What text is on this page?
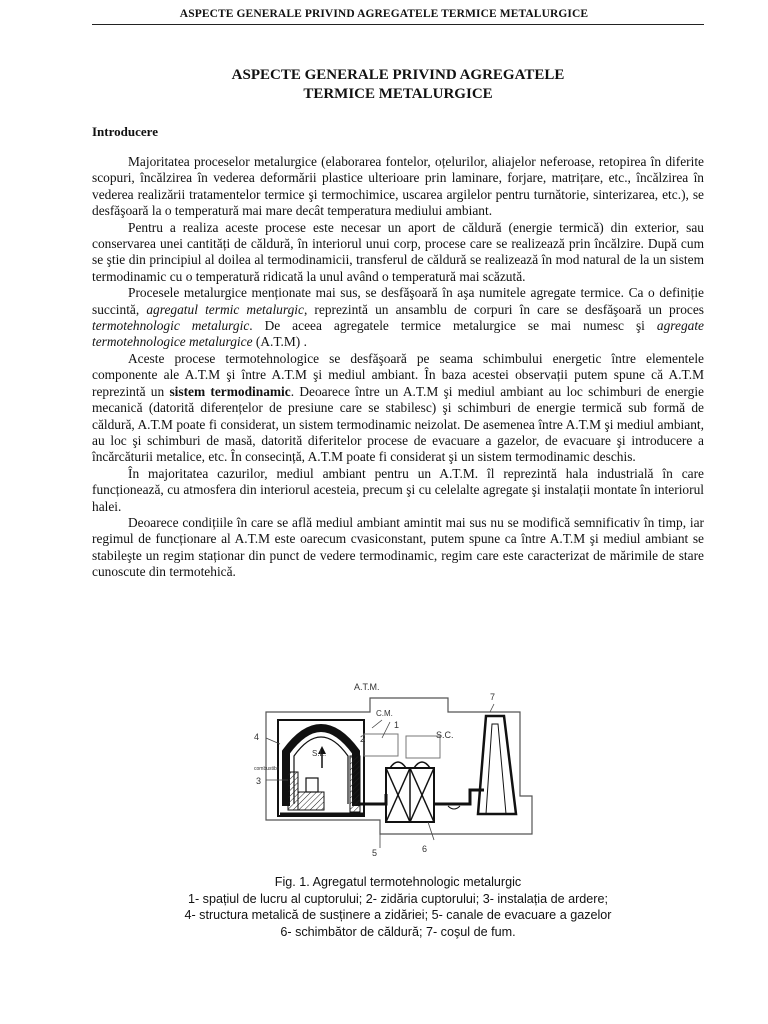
ASPECTE GENERALE PRIVIND AGREGATELE TERMICE METALURGICE
ASPECTE GENERALE PRIVIND AGREGATELE
TERMICE METALURGICE
Introducere

Majoritatea proceselor metalurgice (elaborarea fontelor, oțelurilor, aliajelor neferoase, retopirea în diferite scopuri, încălzirea în vederea deformării plastice ulterioare prin laminare, forjare, matrițare, etc., încălzirea în vederea realizării tratamentelor termice şi termochimice, uscarea argilelor pentru turnătorie, sinterizarea, etc.), se desfăşoară la o temperatură mai mare decât temperatura mediului ambiant.

Pentru a realiza aceste procese este necesar un aport de căldură (energie termică) din exterior, sau conservarea unei cantități de căldură, în interiorul unui corp, procese care se realizează prin încălzire. După cum se ştie din principiul al doilea al termodinamicii, transferul de căldură se realizează în mod natural de la un sistem termodinamic cu o temperatură ridicată la unul având o temperatură mai scăzută.

Procesele metalurgice menționate mai sus, se desfăşoară în aşa numitele agregate termice. Ca o definiție succintă, agregatul termic metalurgic, reprezintă un ansamblu de corpuri în care se desfăşoară un proces termotehnologic metalurgic. De aceea agregatele termice metalurgice se mai numesc şi agregate termotehnologice metalurgice (A.T.M) .

Aceste procese termotehnologice se desfăşoară pe seama schimbului energetic între elementele componente ale A.T.M şi între A.T.M şi mediul ambiant. În baza acestei observații putem spune că A.T.M reprezintă un sistem termodinamic. Deoarece între un A.T.M şi mediul ambiant au loc schimburi de energie mecanică (datorită diferențelor de presiune care se stabilesc) şi schimburi de energie termică sub formă de căldură, A.T.M poate fi considerat, un sistem termodinamic neizolat. De asemenea între A.T.M şi mediul ambiant, au loc şi schimburi de masă, datorită diferitelor procese de evacuare a gazelor, de evacuare şi introducere a încărcăturii metalice, etc. În consecință, A.T.M poate fi considerat şi un sistem termodinamic deschis.

În majoritatea cazurilor, mediul ambiant pentru un A.T.M. îl reprezintă hala industrială în care funcționează, cu atmosfera din interiorul acesteia, precum şi cu celelalte agregate şi instalații montate în interiorul halei.

Deoarece condițiile în care se află mediul ambiant amintit mai sus nu se modifică semnificativ în timp, iar regimul de funcționare al A.T.M este oarecum cvasiconstant, putem spune ca între A.T.M şi mediul ambiant se stabileşte un regim staționar din punct de vedere termodinamic, regim care este caracterizat de mărimile de stare cunoscute din termotehică.

A.T.M.
C.M.
1
2
S.L.
S.C.
4
combustibil
3
5	6
7
Fig. 1. Agregatul termotehnologic metalurgic
1- spațiul de lucru al cuptorului; 2- zidăria cuptorului; 3- instalația de ardere;
4- structura metalică de susținere a zidăriei; 5- canale de evacuare a gazelor
6- schimbător de căldură; 7- coşul de fum.
